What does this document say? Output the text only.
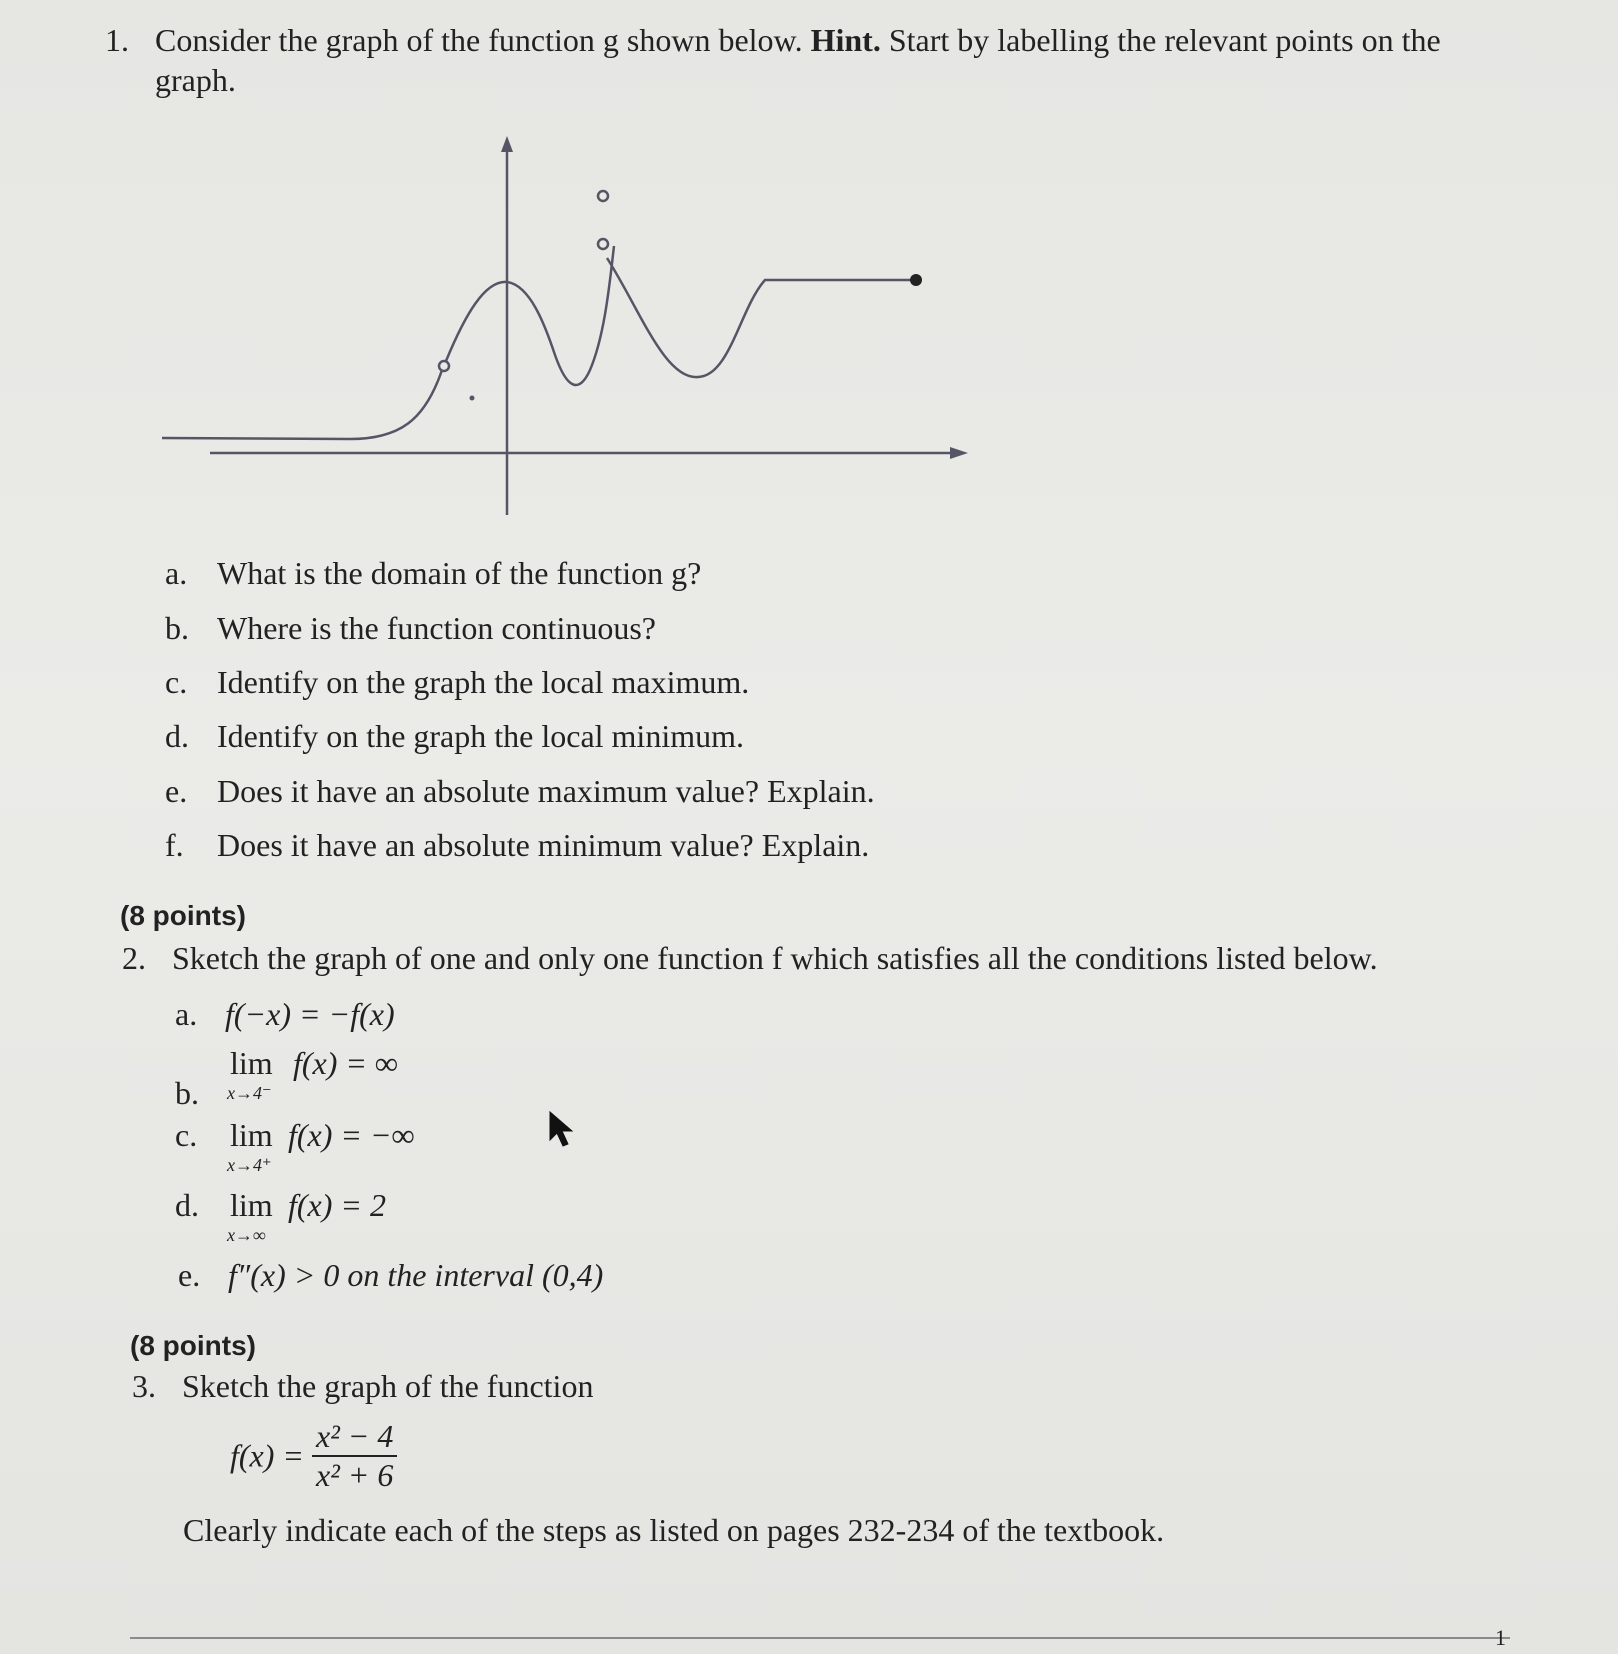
1. Consider the graph of the function g shown below. Hint. Start by labelling the relevant points on the
graph.
a. What is the domain of the function g?
b. Where is the function continuous?
c. Identify on the graph the local maximum.
d. Identify on the graph the local minimum.
e. Does it have an absolute maximum value? Explain.
f. Does it have an absolute minimum value? Explain.
(8 points)
2. Sketch the graph of one and only one function f which satisfies all the conditions listed below.
a. f(−x) = −f(x)
b.
lim
x→4⁻
f(x) = ∞
c. lim
x→4⁺
f(x) = −∞
d. lim
x→∞
f(x) = 2
e. f″(x) > 0 on the interval (0,4)
(8 points)
3. Sketch the graph of the function
$f(x) = \frac{\text{x² − 4}}{\text{x² + 6}}$
Clearly indicate each of the steps as listed on pages 232-234 of the textbook.
1
